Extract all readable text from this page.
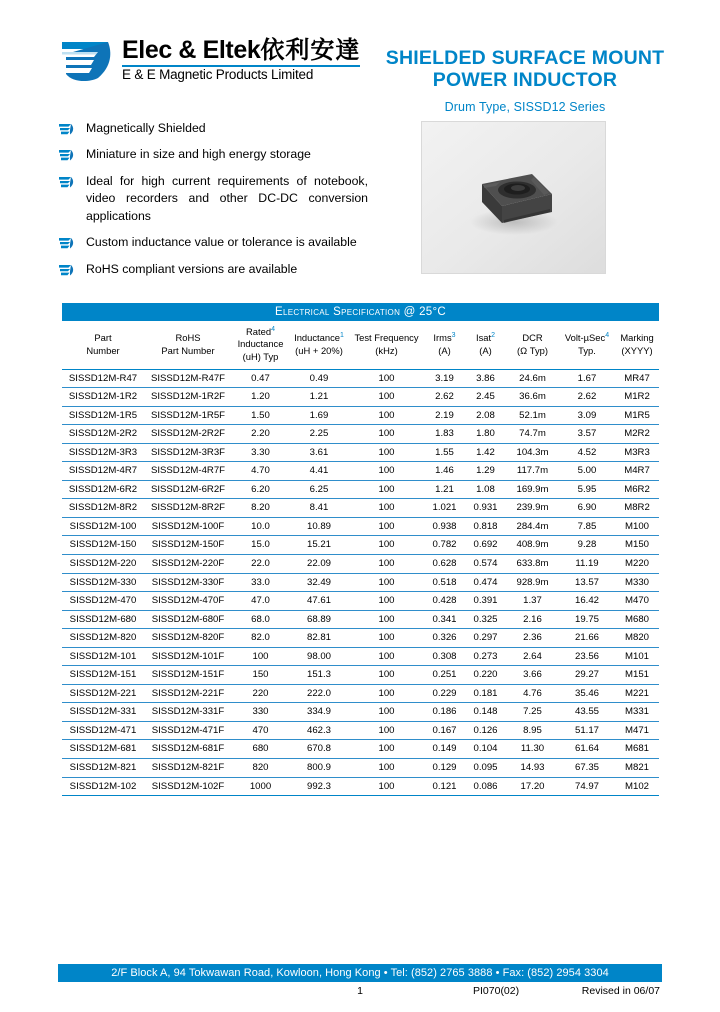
Elec & Eltek依利安達
E & E Magnetic Products Limited
SHIELDED SURFACE MOUNT
POWER INDUCTOR
Drum Type, SISSD12 Series
Magnetically Shielded
Miniature in size and high energy storage
Ideal for high current requirements of notebook, video recorders and other DC-DC conversion applications
Custom inductance value or tolerance is available
RoHS compliant versions are available
Electrical Specification @ 25°C
Part
Number

RoHS
Part Number

Rated$^4$
Inductance
(uH) Typ

Inductance$^1$
(uH + 20%)

Test Frequency
(kHz)

Irms$^3$
(A)

Isat$^2$
(A)

DCR
(Ω Typ)

Volt-µSec$^4$
Typ.

Marking
(XYYY)

SISSD12M-R47	SISSD12M-R47F	0.47	0.49	100	3.19	3.86	24.6m	1.67	MR47
SISSD12M-1R2	SISSD12M-1R2F	1.20	1.21	100	2.62	2.45	36.6m	2.62	M1R2
SISSD12M-1R5	SISSD12M-1R5F	1.50	1.69	100	2.19	2.08	52.1m	3.09	M1R5
SISSD12M-2R2	SISSD12M-2R2F	2.20	2.25	100	1.83	1.80	74.7m	3.57	M2R2
SISSD12M-3R3	SISSD12M-3R3F	3.30	3.61	100	1.55	1.42	104.3m	4.52	M3R3
SISSD12M-4R7	SISSD12M-4R7F	4.70	4.41	100	1.46	1.29	117.7m	5.00	M4R7
SISSD12M-6R2	SISSD12M-6R2F	6.20	6.25	100	1.21	1.08	169.9m	5.95	M6R2
SISSD12M-8R2	SISSD12M-8R2F	8.20	8.41	100	1.021	0.931	239.9m	6.90	M8R2
SISSD12M-100	SISSD12M-100F	10.0	10.89	100	0.938	0.818	284.4m	7.85	M100
SISSD12M-150	SISSD12M-150F	15.0	15.21	100	0.782	0.692	408.9m	9.28	M150
SISSD12M-220	SISSD12M-220F	22.0	22.09	100	0.628	0.574	633.8m	11.19	M220
SISSD12M-330	SISSD12M-330F	33.0	32.49	100	0.518	0.474	928.9m	13.57	M330
SISSD12M-470	SISSD12M-470F	47.0	47.61	100	0.428	0.391	1.37	16.42	M470
SISSD12M-680	SISSD12M-680F	68.0	68.89	100	0.341	0.325	2.16	19.75	M680
SISSD12M-820	SISSD12M-820F	82.0	82.81	100	0.326	0.297	2.36	21.66	M820
SISSD12M-101	SISSD12M-101F	100	98.00	100	0.308	0.273	2.64	23.56	M101
SISSD12M-151	SISSD12M-151F	150	151.3	100	0.251	0.220	3.66	29.27	M151
SISSD12M-221	SISSD12M-221F	220	222.0	100	0.229	0.181	4.76	35.46	M221
SISSD12M-331	SISSD12M-331F	330	334.9	100	0.186	0.148	7.25	43.55	M331
SISSD12M-471	SISSD12M-471F	470	462.3	100	0.167	0.126	8.95	51.17	M471
SISSD12M-681	SISSD12M-681F	680	670.8	100	0.149	0.104	11.30	61.64	M681
SISSD12M-821	SISSD12M-821F	820	800.9	100	0.129	0.095	14.93	67.35	M821
SISSD12M-102	SISSD12M-102F	1000	992.3	100	0.121	0.086	17.20	74.97	M102
2/F Block A, 94 Tokwawan Road, Kowloon, Hong Kong • Tel: (852) 2765 3888 • Fax: (852) 2954 3304
1	PI070(02)	Revised in 06/07
